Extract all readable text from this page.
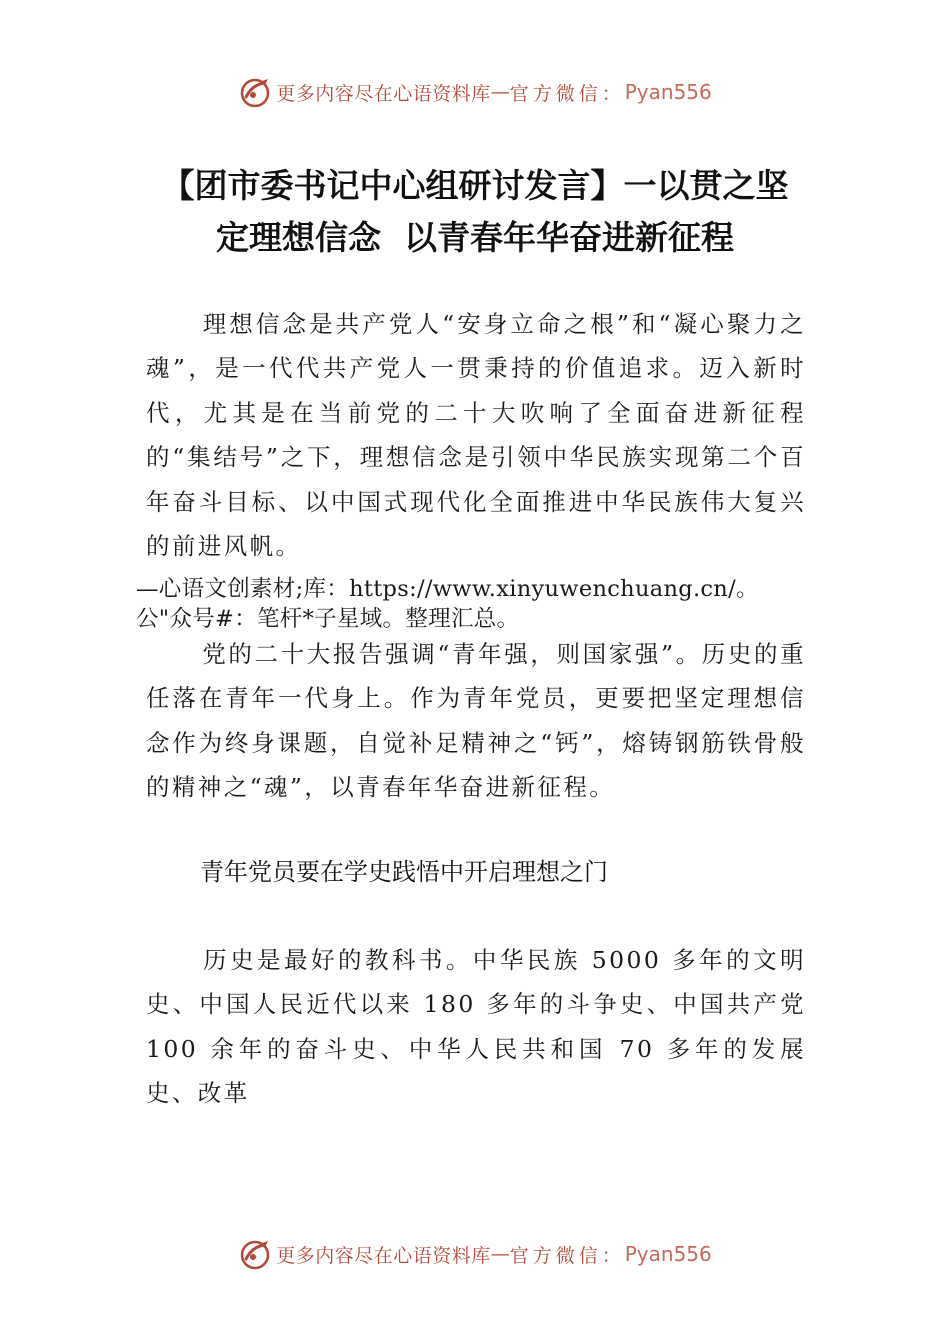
更多内容尽在心语资料库 — 官方微信： Pyan556
【团市委书记中心组研讨发言】一以贯之坚
定理想信念  以青春年华奋进新征程
理想信念是共产党人“安身立命之根”和“凝心聚力之魂”，是一代代共产党人一贯秉持的价值追求。迈入新时代，尤其是在当前党的二十大吹响了全面奋进新征程的“集结号”之下，理想信念是引领中华民族实现第二个百年奋斗目标、以中国式现代化全面推进中华民族伟大复兴的前进风帆。
—心语文创素材;库：https://www.xinyuwenchuang.cn/。
公"众号#：笔杆*子星域。整理汇总。
党的二十大报告强调“青年强，则国家强”。历史的重任落在青年一代身上。作为青年党员，更要把坚定理想信念作为终身课题，自觉补足精神之“钙”，熔铸钢筋铁骨般的精神之“魂”，以青春年华奋进新征程。
青年党员要在学史践悟中开启理想之门
历史是最好的教科书。中华民族 5000 多年的文明史、中国人民近代以来 180 多年的斗争史、中国共产党 100 余年的奋斗史、中华人民共和国 70 多年的发展史、改革
更多内容尽在心语资料库 — 官方微信： Pyan556
